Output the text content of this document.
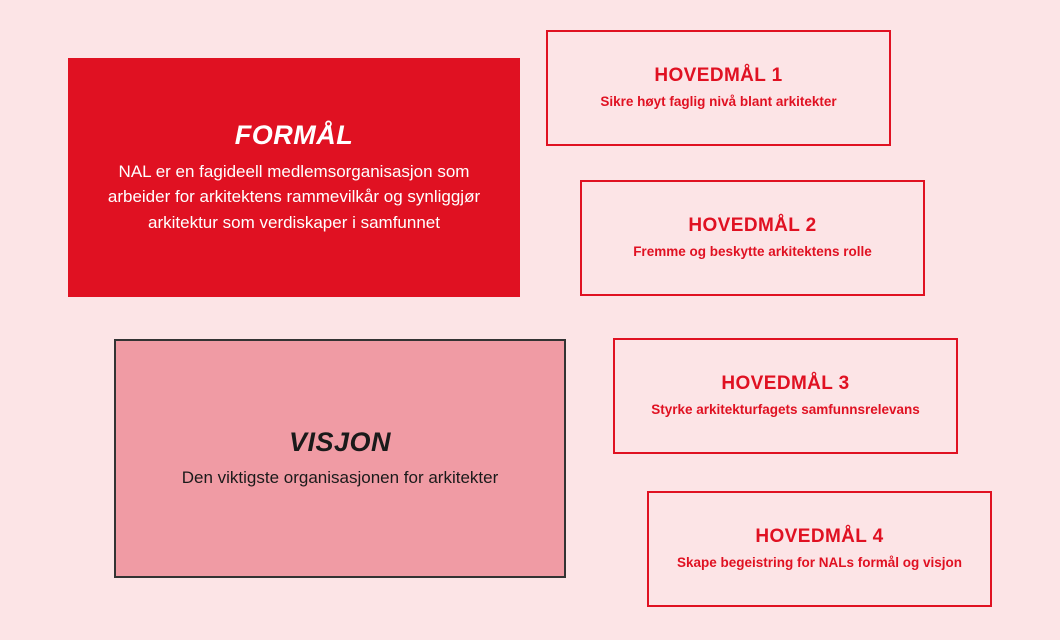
FORMÅL
NAL er en fagideell medlemsorganisasjon som arbeider for arkitektens rammevilkår og synliggjør arkitektur som verdiskaper i samfunnet
VISJON
Den viktigste organisasjonen for arkitekter
HOVEDMÅL 1
Sikre høyt faglig nivå blant arkitekter
HOVEDMÅL 2
Fremme og beskytte arkitektens rolle
HOVEDMÅL 3
Styrke arkitekturfagets samfunnsrelevans
HOVEDMÅL 4
Skape begeistring for NALs formål og visjon
